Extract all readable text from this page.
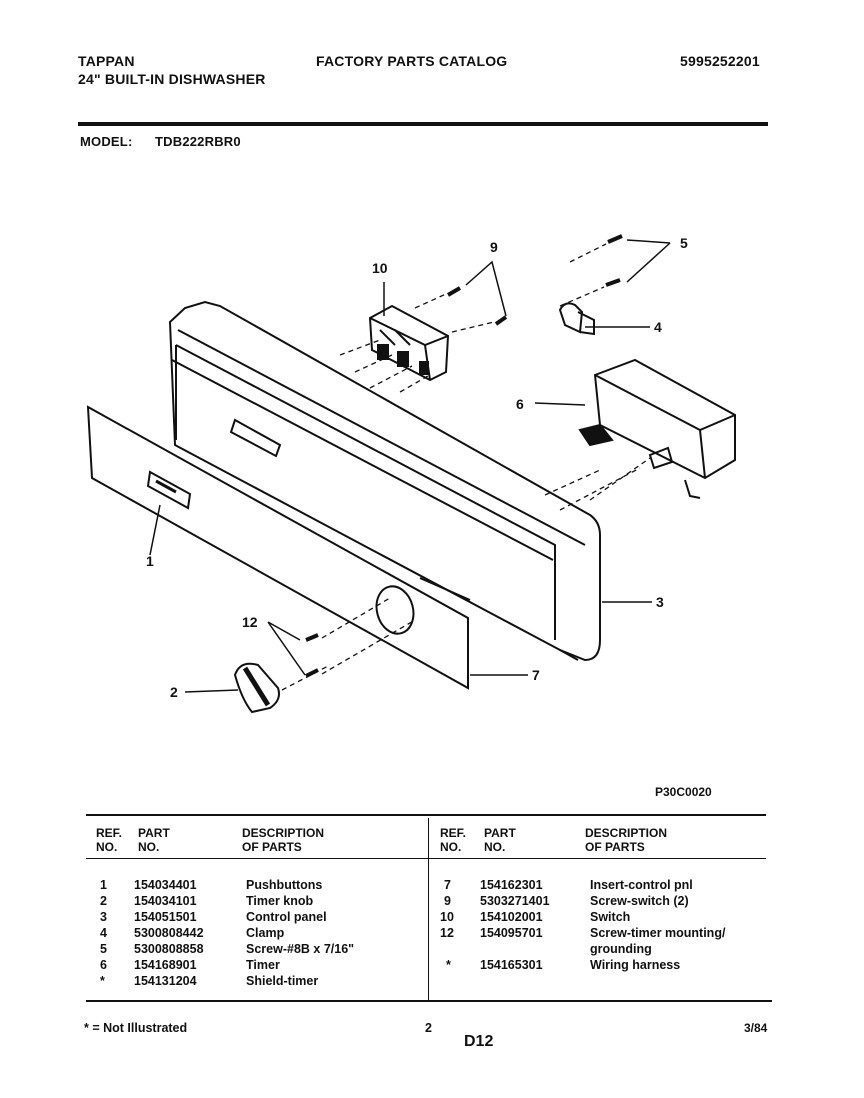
TAPPAN
24" BUILT-IN DISHWASHER
FACTORY PARTS CATALOG	5995252201
MODEL: TDB222RBR0
1
2
3
4
5
6
7
9
10
12
P30C0020
REF.
NO.
PART
NO.
DESCRIPTION
OF PARTS
REF.
NO.
PART
NO.
DESCRIPTION
OF PARTS
1 154034401	Pushbuttons
2 154034101	Timer knob
3 154051501	Control panel
4 5300808442	Clamp
5 5300808858	Screw-#8B x 7/16"
6 154168901	Timer
* 154131204	Shield-timer
7 154162301	Insert-control pnl
9 5303271401	Screw-switch (2)
10 154102001	Switch
12 154095701	Screw-timer mounting/
grounding
* 154165301	Wiring harness
* = Not Illustrated	2
D12
3/84
